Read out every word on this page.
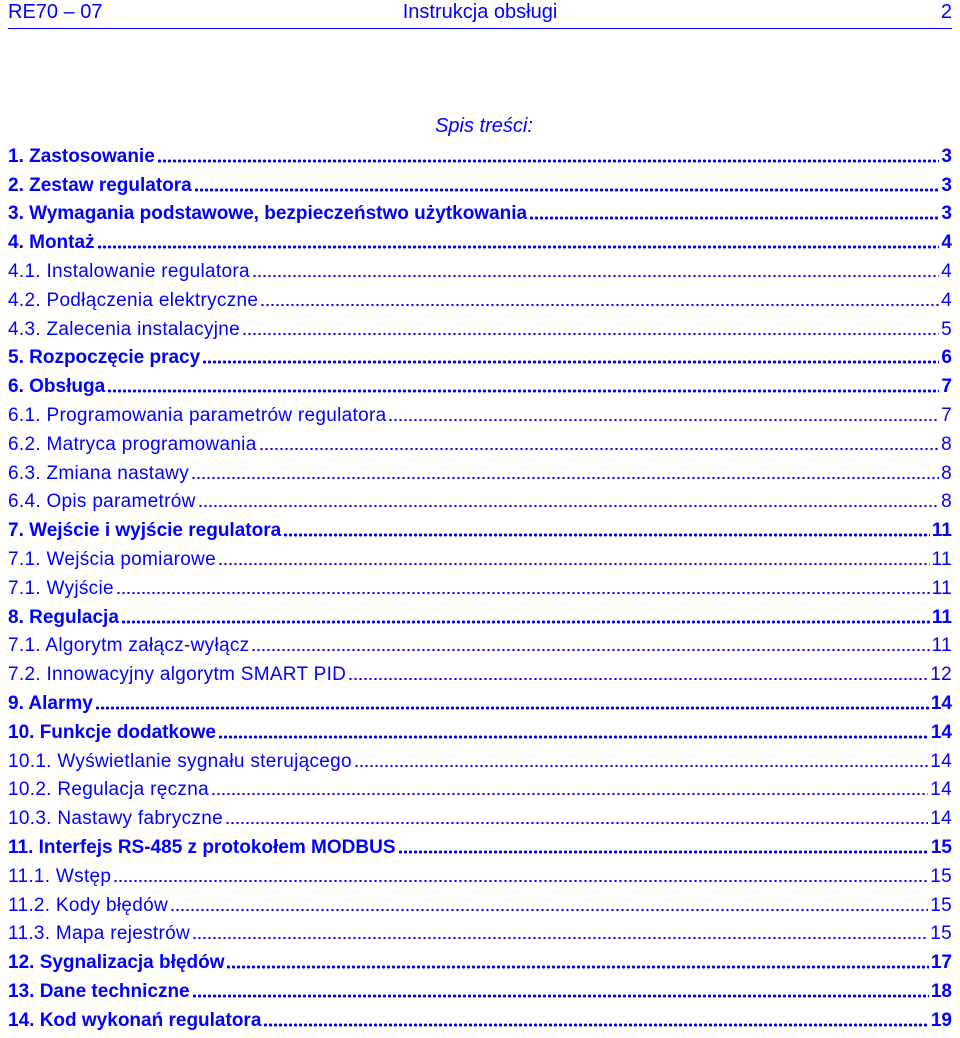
RE70 – 07	Instrukcja obsługi	2
Spis treści:
1. Zastosowanie	3
2. Zestaw regulatora	3
3. Wymagania podstawowe, bezpieczeństwo użytkowania	3
4. Montaż	4
4.1. Instalowanie regulatora	4
4.2. Podłączenia elektryczne	4
4.3. Zalecenia instalacyjne	5
5. Rozpoczęcie pracy	6
6. Obsługa	7
6.1. Programowania parametrów regulatora	7
6.2. Matryca programowania	8
6.3. Zmiana nastawy	8
6.4. Opis parametrów	8
7. Wejście i wyjście regulatora	11
7.1. Wejścia pomiarowe	11
7.1. Wyjście	11
8. Regulacja	11
7.1. Algorytm załącz-wyłącz	11
7.2. Innowacyjny algorytm SMART PID	12
9. Alarmy	14
10. Funkcje dodatkowe	14
10.1. Wyświetlanie sygnału sterującego	14
10.2. Regulacja ręczna	14
10.3. Nastawy fabryczne	14
11. Interfejs RS-485 z protokołem MODBUS	15
11.1. Wstęp	15
11.2. Kody błędów	15
11.3. Mapa rejestrów	15
12. Sygnalizacja błędów	17
13. Dane techniczne	18
14. Kod wykonań regulatora	19
